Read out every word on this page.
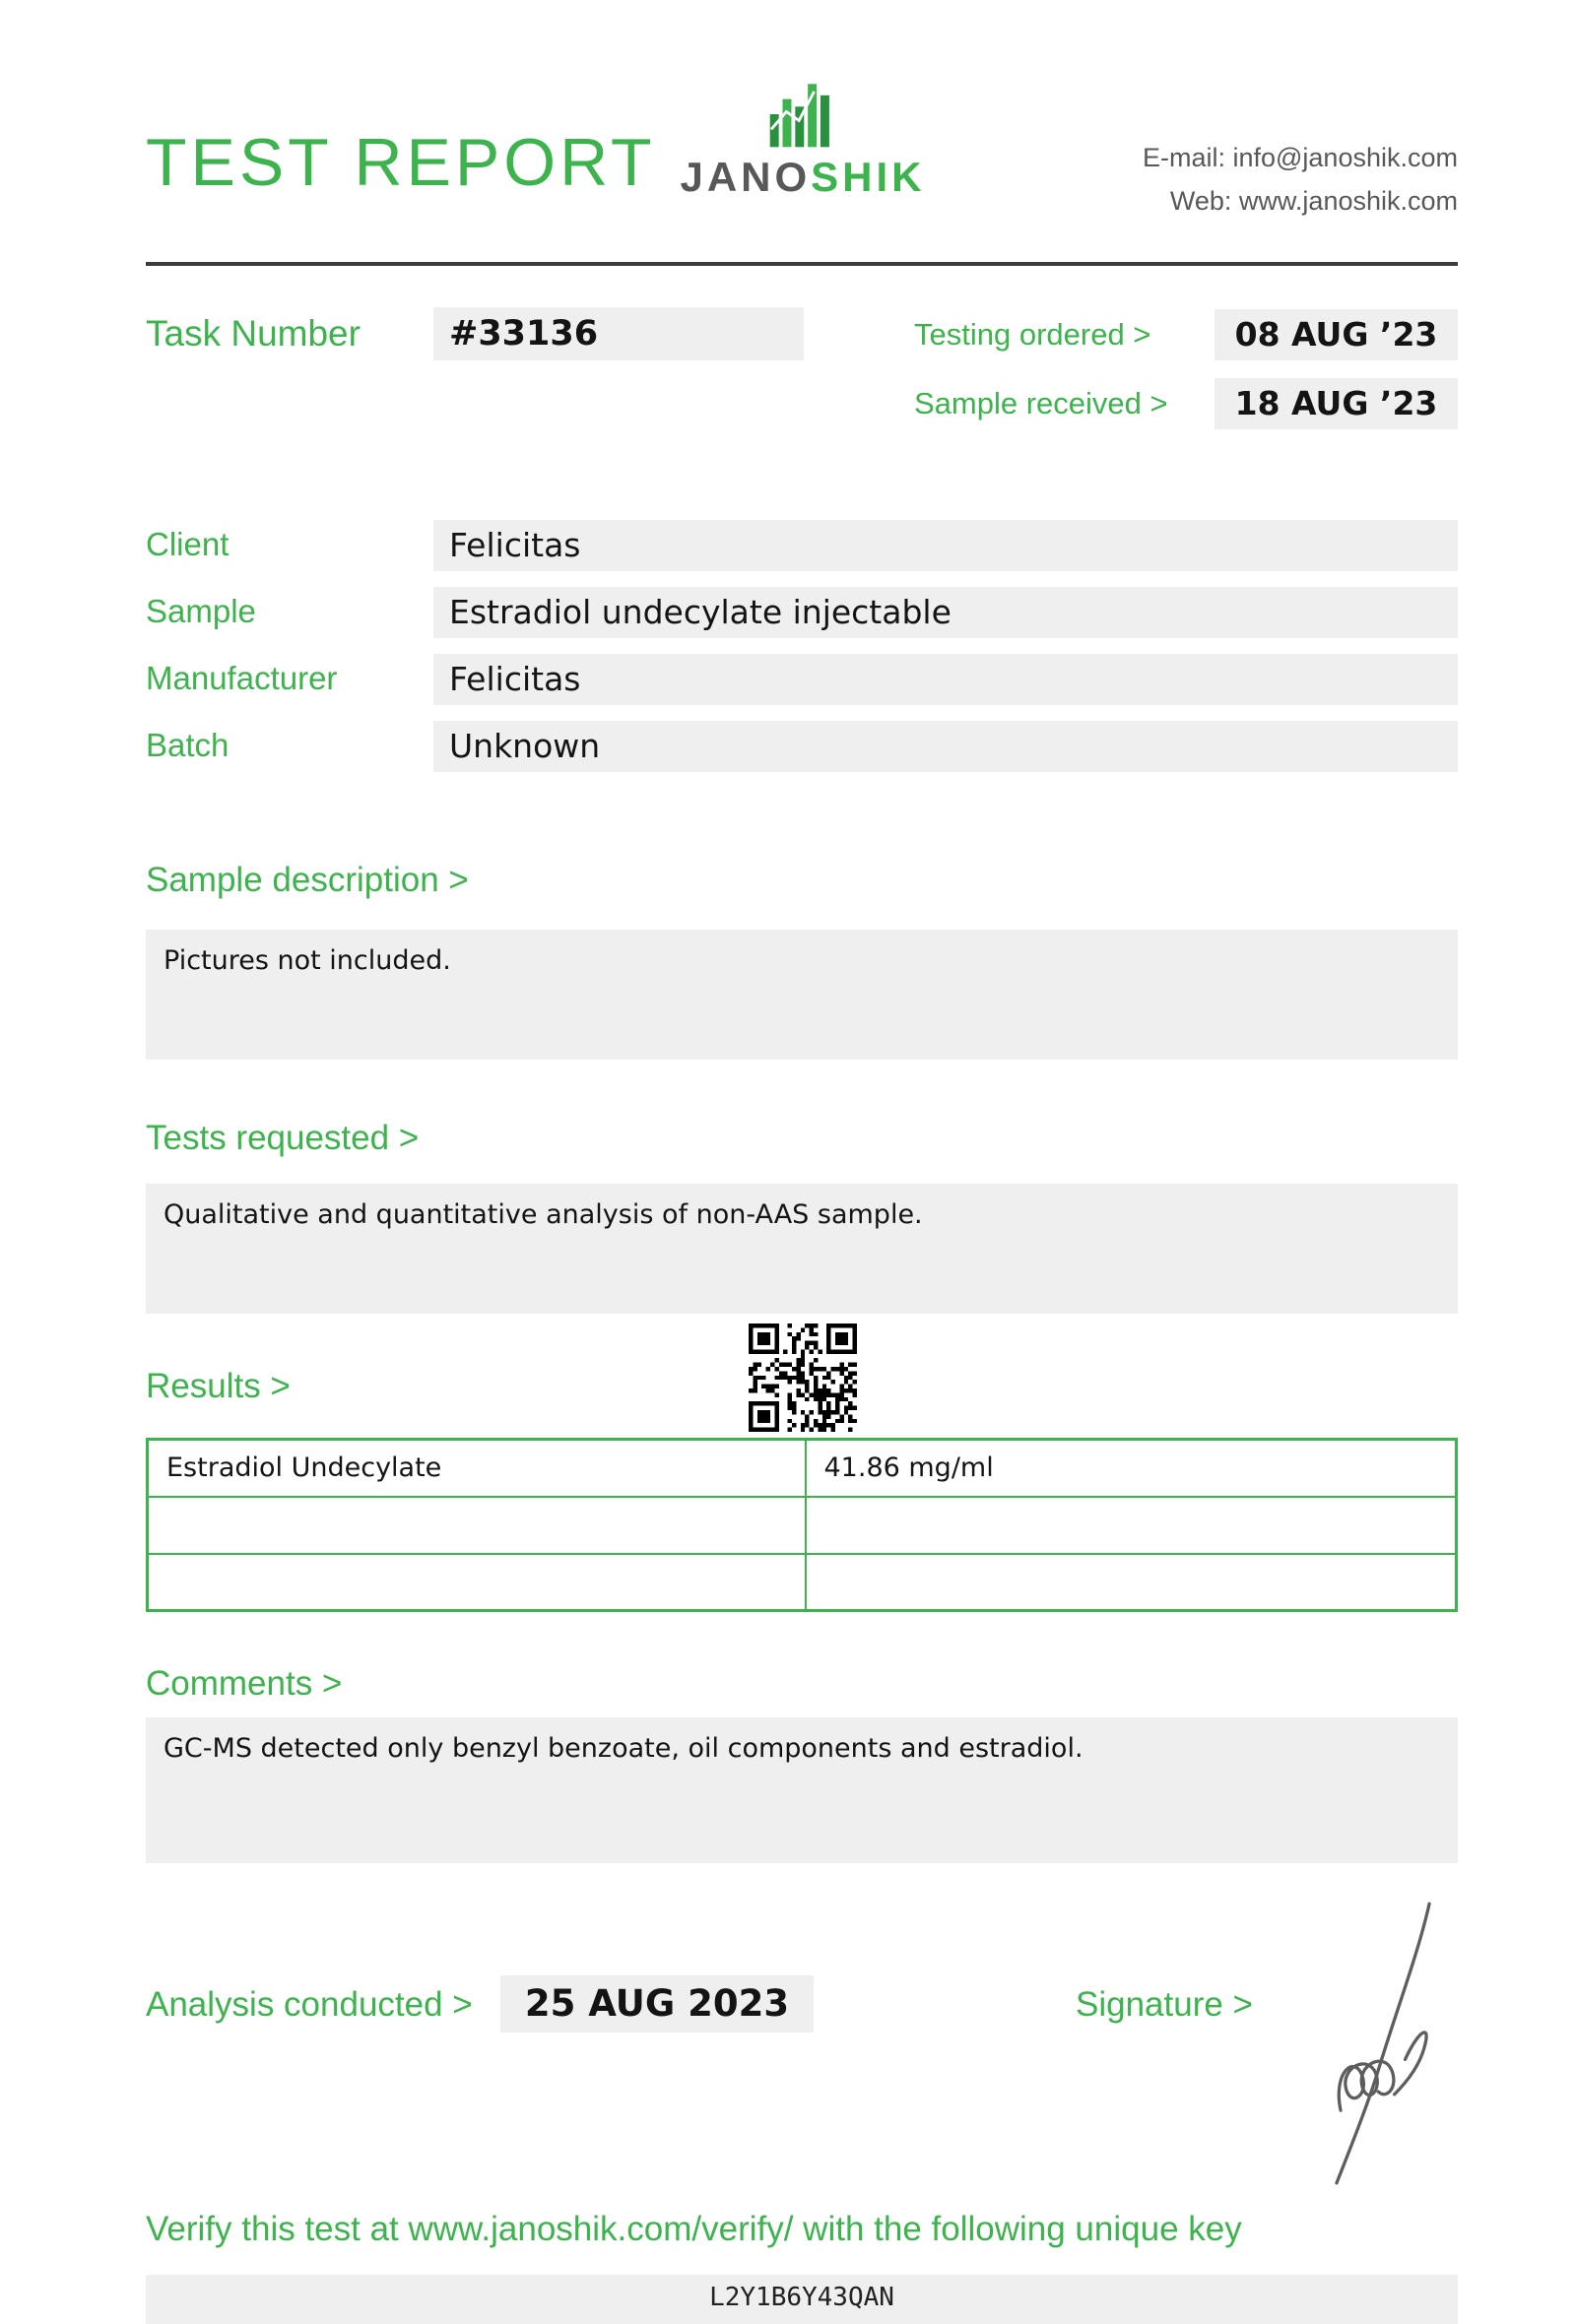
TEST REPORT JANOSHIK	E-mail: info@janoshik.com
Web: www.janoshik.com
Task Number	#33136	Testing ordered >	08 AUG ’23
Sample received >	18 AUG ’23
Client	Felicitas
Sample	Estradiol undecylate injectable
Manufacturer	Felicitas
Batch	Unknown
Sample description >
Pictures not included.
Tests requested >
Qualitative and quantitative analysis of non-AAS sample.
Results >
Estradiol Undecylate	41.86 mg/ml

Comments >
GC-MS detected only benzyl benzoate, oil components and estradiol.
Analysis conducted >	25 AUG 2023	Signature >
Verify this test at www.janoshik.com/verify/ with the following unique key
L2Y1B6Y43QAN
